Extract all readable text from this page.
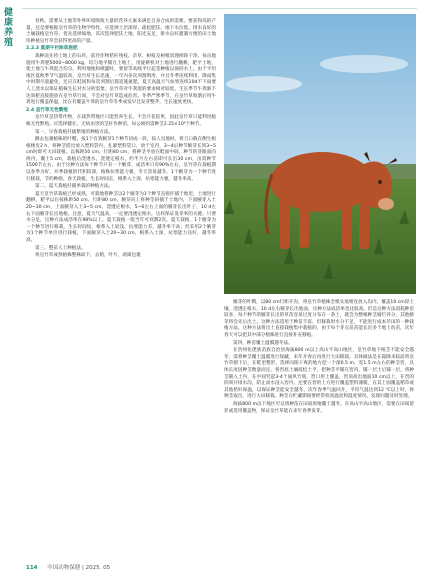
健康养殖

育秋。需要从土地等外界环境吸收大量的营养元素来满足自身合成的需要。要获得高的产量，还是要根据皇竹草的生物学特性，应选择土层深厚、疏松肥沃、地下水位低、排水良好的土壤栽植皇竹草。优先选择坡地，其次选择肥沃土地，阳光充足，排水良好灌溉方便的田土地块种植皇竹草会获得更高的产量。

2.2.3 夏期牛栏除草施肥

栽种前先将土地上的石块、前茬作物秸秆残枝、杂草、树枝及树根清理掉除干净。每亩地施用牛粪肥5000~8000 kg，均匀地平铺在土地上，用旋耕机对土地进行翻耕，耙平土地，使土地与牛粪混合均匀。利用地地和喷灌时，要留等高线平行起垄种植以保持水土。由于平坦地区夏秋季节气温较高，皇竹草生长迅速，一年内多次刈割利用，并且冬季连续利用，降雨集中时期尽量避免，还应在畦间和每次刈割后都追施氮肥。夏天高温天气如果连续10d不下雨要人工浇水以保证植株生长对水分的需要。皇竹草对牛粪混的要求相对较低，生长季节牛粪渐不达效耙直接施放在皇竹草行间，不会对皇竹草造成危害。冬季严寒季节，在皇竹草收割后用牛粪进行覆盖保温，比在有覆盖牛粪的皇竹草冬季成发早且发芽整齐，生长速度更快。

2.4 皇竹草无性繁殖

皇竹草是热带作物，在栽热带地区只能营养生长，不会开花结果，因此皇竹草只能利用植株无性繁殖。应选择健壮，无病虫害的茎秆作种苗，每公顷约需种茎2.25×10⁴个种节。

第一，早春栽植扦插繁殖的种植方法。

撕去包裹植株的叶鞘，按1个有效腋芽1个种节切成一段，按人员地时，将刀口截在侧生根根楼皮2 h，将种茎捞出放入塑料袋内，扎紧塑料袋口，放于室内，3~4后种节腋芽长到3~5 cm时即可大田栽植。以株距50 cm、行距80 cm，将种茎平放在畦面中间，种节的芽眼面向两内，覆土5 cm，栽植后浇透水，浇透定根水，约半月左右苗即可长出30 cm，亩需种节1500节左右。由于这种方法每个种节只有一个腋芽，成活率只有90%左右，皇竹草在栽植期以春季为好，并季栽植的代积较深，植株抗寒能力强，冬天容易越冬。1个腋芽为一个种节进行移栽，节约种源。春天栽植，生长时间长，根系入土深，抗寒能力强，越冬率高。

第二，夏天栽植扦插单栽的种植方法。

夏天皇竹草栽植已经成熟，可就地将种茎以2个腋芽为1个种节直接扦插于地里，土地进行翻耕，耙平以后按株距50 cm、行距80 cm，腋芽向上将种茎斜插于土地内，下面腋芽入土20~30 cm，上面腋芽入土3~5 cm，浇透定根水，5~6左右上面的腋芽长出叶子，10 d左右下面腋芽长出地根。注意，夏天气温高，一定要浇透定根水，这样保证发芽率的关键。只要水分足，这种方法成活率在98%以上。夏天栽植一般当年可刈割2次。夏天栽植，1个腋芽为一个种节进行移栽，生长时间短，根系入土较浅，抗寒能力差，越冬率不高；但采用2个腋芽为1个种节单位进行栽植，下面腋芽入土20~30 cm，根系入土深，抗寒能力良好，越冬率高。

第三，整苗人土种植法。

将皇竹草成熟植株整株砍下，去梢，叶片，剥离包裹

腋芽的叶鞘，以80 cm行距开沟，将皇竹草植株全根头尾相连放入沟内，覆盖10 cm厚土壤，浇透定根水，10 d左右腋芽长出地面，这种方法成活率也比较高。但是这种方法消耗种苗较多，每个种节的腋芽长出的草苗容易过度分布在一条土，就会为整根种茎腐烂养分，其他腋芽将会先后出土。这种方法适用于种苗丰富，但移栽时水分不足，不能进行成本苹田的一种栽植方法。这种方法将出土直接栽植集中栽植的，由于每个芽点苗苗能长出多个地上幼苗，次年春天可以把其中部分植株进行直接补充移植。

第四，种苗覆土温膜越冬法。

在贵州化佬族苗族自治县海拔800 m以上高山半高山地区，皇竹草地下根茎不能安全越冬，需将种茎覆土温膜进行保藏，来年开春后再进行大田移栽。具体做法是在霜降来临前将皇竹草割下后，在畦里整形，选择向阳干爽的地方挖一个深0.5 m、宽1.5 m左右的种茎窖，具体长度因种茎数量而定。将窖底土壤疏松土平，把种茎平铺在窖内，铺一层土后铺一层，将种茎铺入土内，在中间竖起3-4个通风竹筒，窖口用土覆盖，窖顶高出地面10 cm以上，在窖的四周开排水沟，防止雨水浸入窖内。还要在窖的上方进行覆盖塑料薄膜，在其上面覆盖稻草或其他秸秆保温，以保证种茎能安全越冬。次年春季气温回升，平均气温达到12 ℃以上时，将种茎取出，进行大田移栽。种茎在贮藏期间要经常检查温度和湿度情况，发现问题及时处理。

海拔800 m以下地区可以将种苗在田间原地覆土越冬。在高山半高山地区，需要在田间留茬或选用覆盖物，保证皇竹草能在来年春季发芽。

114 中国动物保健 | 2025. 05
